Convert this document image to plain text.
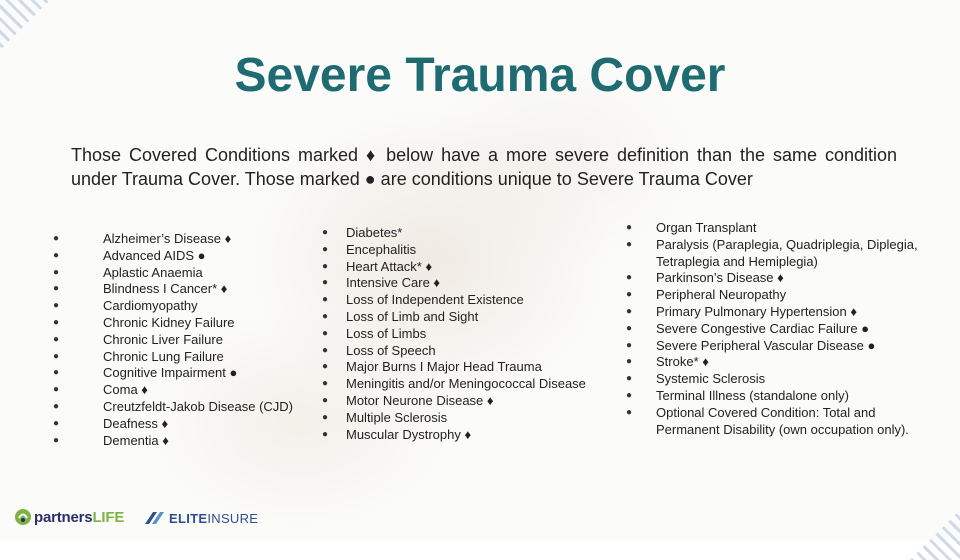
Severe Trauma Cover
Those Covered Conditions marked ♦ below have a more severe definition than the same condition under Trauma Cover. Those marked ● are conditions unique to Severe Trauma Cover
●	Alzheimer’s Disease ♦
●	Advanced AIDS ●
●	Aplastic Anaemia
●	Blindness I Cancer* ♦
●	Cardiomyopathy
●	Chronic Kidney Failure
●	Chronic Liver Failure
●	Chronic Lung Failure
●	Cognitive Impairment ●
●	Coma ♦
●	Creutzfeldt-Jakob Disease (CJD)
●	Deafness ♦
●	Dementia ♦
● Diabetes*
● Encephalitis
● Heart Attack* ♦
● Intensive Care ♦
● Loss of Independent Existence
● Loss of Limb and Sight
● Loss of Limbs
● Loss of Speech
● Major Burns I Major Head Trauma
● Meningitis and/or Meningococcal Disease
● Motor Neurone Disease ♦
● Multiple Sclerosis
● Muscular Dystrophy ♦
● Organ Transplant
● Paralysis (Paraplegia, Quadriplegia, Diplegia, Tetraplegia and Hemiplegia)
● Parkinson’s Disease ♦
● Peripheral Neuropathy
● Primary Pulmonary Hypertension ♦
● Severe Congestive Cardiac Failure ●
● Severe Peripheral Vascular Disease ●
● Stroke* ♦
● Systemic Sclerosis
● Terminal Illness (standalone only)
● Optional Covered Condition: Total and Permanent Disability (own occupation only).
partnersLIFE	ELITEINSURE
